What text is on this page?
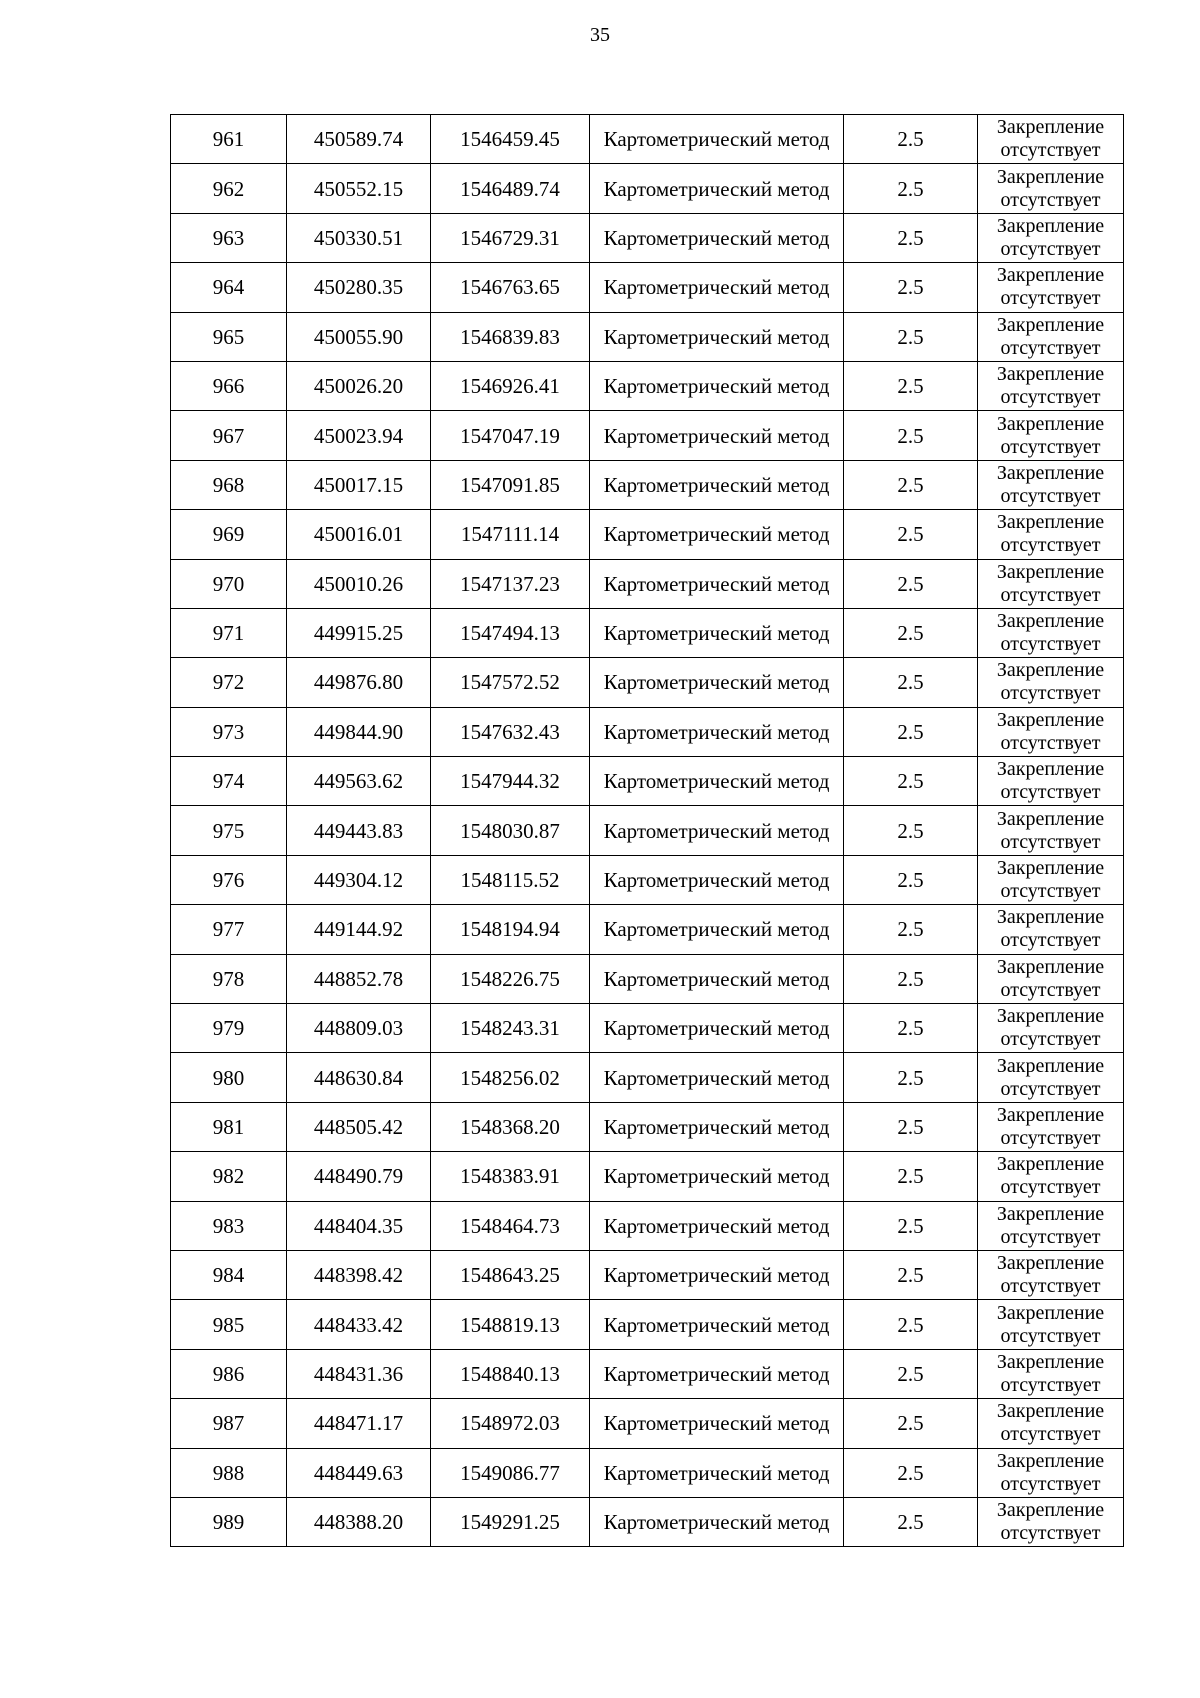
35
961	450589.74	1546459.45	Картометрический метод	2.5	Закрепление отсутствует
962	450552.15	1546489.74	Картометрический метод	2.5	Закрепление отсутствует
963	450330.51	1546729.31	Картометрический метод	2.5	Закрепление отсутствует
964	450280.35	1546763.65	Картометрический метод	2.5	Закрепление отсутствует
965	450055.90	1546839.83	Картометрический метод	2.5	Закрепление отсутствует
966	450026.20	1546926.41	Картометрический метод	2.5	Закрепление отсутствует
967	450023.94	1547047.19	Картометрический метод	2.5	Закрепление отсутствует
968	450017.15	1547091.85	Картометрический метод	2.5	Закрепление отсутствует
969	450016.01	1547111.14	Картометрический метод	2.5	Закрепление отсутствует
970	450010.26	1547137.23	Картометрический метод	2.5	Закрепление отсутствует
971	449915.25	1547494.13	Картометрический метод	2.5	Закрепление отсутствует
972	449876.80	1547572.52	Картометрический метод	2.5	Закрепление отсутствует
973	449844.90	1547632.43	Картометрический метод	2.5	Закрепление отсутствует
974	449563.62	1547944.32	Картометрический метод	2.5	Закрепление отсутствует
975	449443.83	1548030.87	Картометрический метод	2.5	Закрепление отсутствует
976	449304.12	1548115.52	Картометрический метод	2.5	Закрепление отсутствует
977	449144.92	1548194.94	Картометрический метод	2.5	Закрепление отсутствует
978	448852.78	1548226.75	Картометрический метод	2.5	Закрепление отсутствует
979	448809.03	1548243.31	Картометрический метод	2.5	Закрепление отсутствует
980	448630.84	1548256.02	Картометрический метод	2.5	Закрепление отсутствует
981	448505.42	1548368.20	Картометрический метод	2.5	Закрепление отсутствует
982	448490.79	1548383.91	Картометрический метод	2.5	Закрепление отсутствует
983	448404.35	1548464.73	Картометрический метод	2.5	Закрепление отсутствует
984	448398.42	1548643.25	Картометрический метод	2.5	Закрепление отсутствует
985	448433.42	1548819.13	Картометрический метод	2.5	Закрепление отсутствует
986	448431.36	1548840.13	Картометрический метод	2.5	Закрепление отсутствует
987	448471.17	1548972.03	Картометрический метод	2.5	Закрепление отсутствует
988	448449.63	1549086.77	Картометрический метод	2.5	Закрепление отсутствует
989	448388.20	1549291.25	Картометрический метод	2.5	Закрепление отсутствует
